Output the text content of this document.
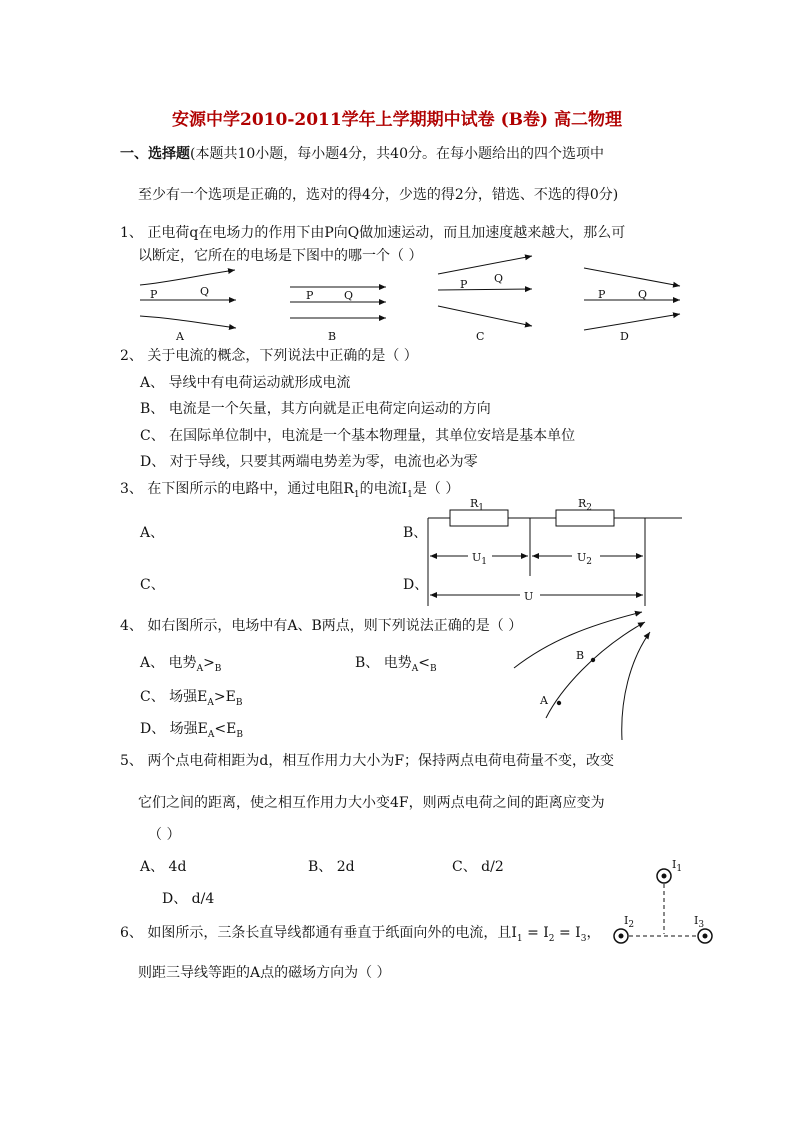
安源中学2010-2011学年上学期期中试卷 (B卷) 高二物理
一、选择题(本题共10小题，每小题4分，共40分。在每小题给出的四个选项中
至少有一个选项是正确的，选对的得4分，少选的得2分，错选、不选的得0分)
1、 正电荷q在电场力的作用下由P向Q做加速运动，而且加速度越来越大，那么可
以断定，它所在的电场是下图中的哪一个（ ）
P	Q
A
P	Q
B
P Q
C
P	Q
D
2、 关于电流的概念，下列说法中正确的是（ ）
A、 导线中有电荷运动就形成电流
B、 电流是一个矢量，其方向就是正电荷定向运动的方向
C、 在国际单位制中，电流是一个基本物理量，其单位安培是基本单位
D、 对于导线，只要其两端电势差为零，电流也必为零
3、 在下图所示的电路中，通过电阻$R_1$的电流$I_1$是（ ）
A、	B、
C、	D、
$R_1$	$R_2$
$U_1$	$U_2$
U
4、 如右图所示，电场中有A、B两点，则下列说法正确的是（ ）
A、 电势$_A>_B$	B、 电势$_A<_B$
C、 场强$E_A>E_B$
D、 场强$E_A<E_B$
A
B
5、 两个点电荷相距为d，相互作用力大小为F；保持两点电荷电荷量不变，改变
它们之间的距离，使之相互作用力大小变4F，则两点电荷之间的距离应变为
（ ）
A、 4d	B、 2d	C、 d/2
D、 d/4
6、 如图所示，三条长直导线都通有垂直于纸面向外的电流，且$I_1 = I_2 = I_3$，
则距三导线等距的A点的磁场方向为（ ）
$I_1$
$I_2$	$I_3$
